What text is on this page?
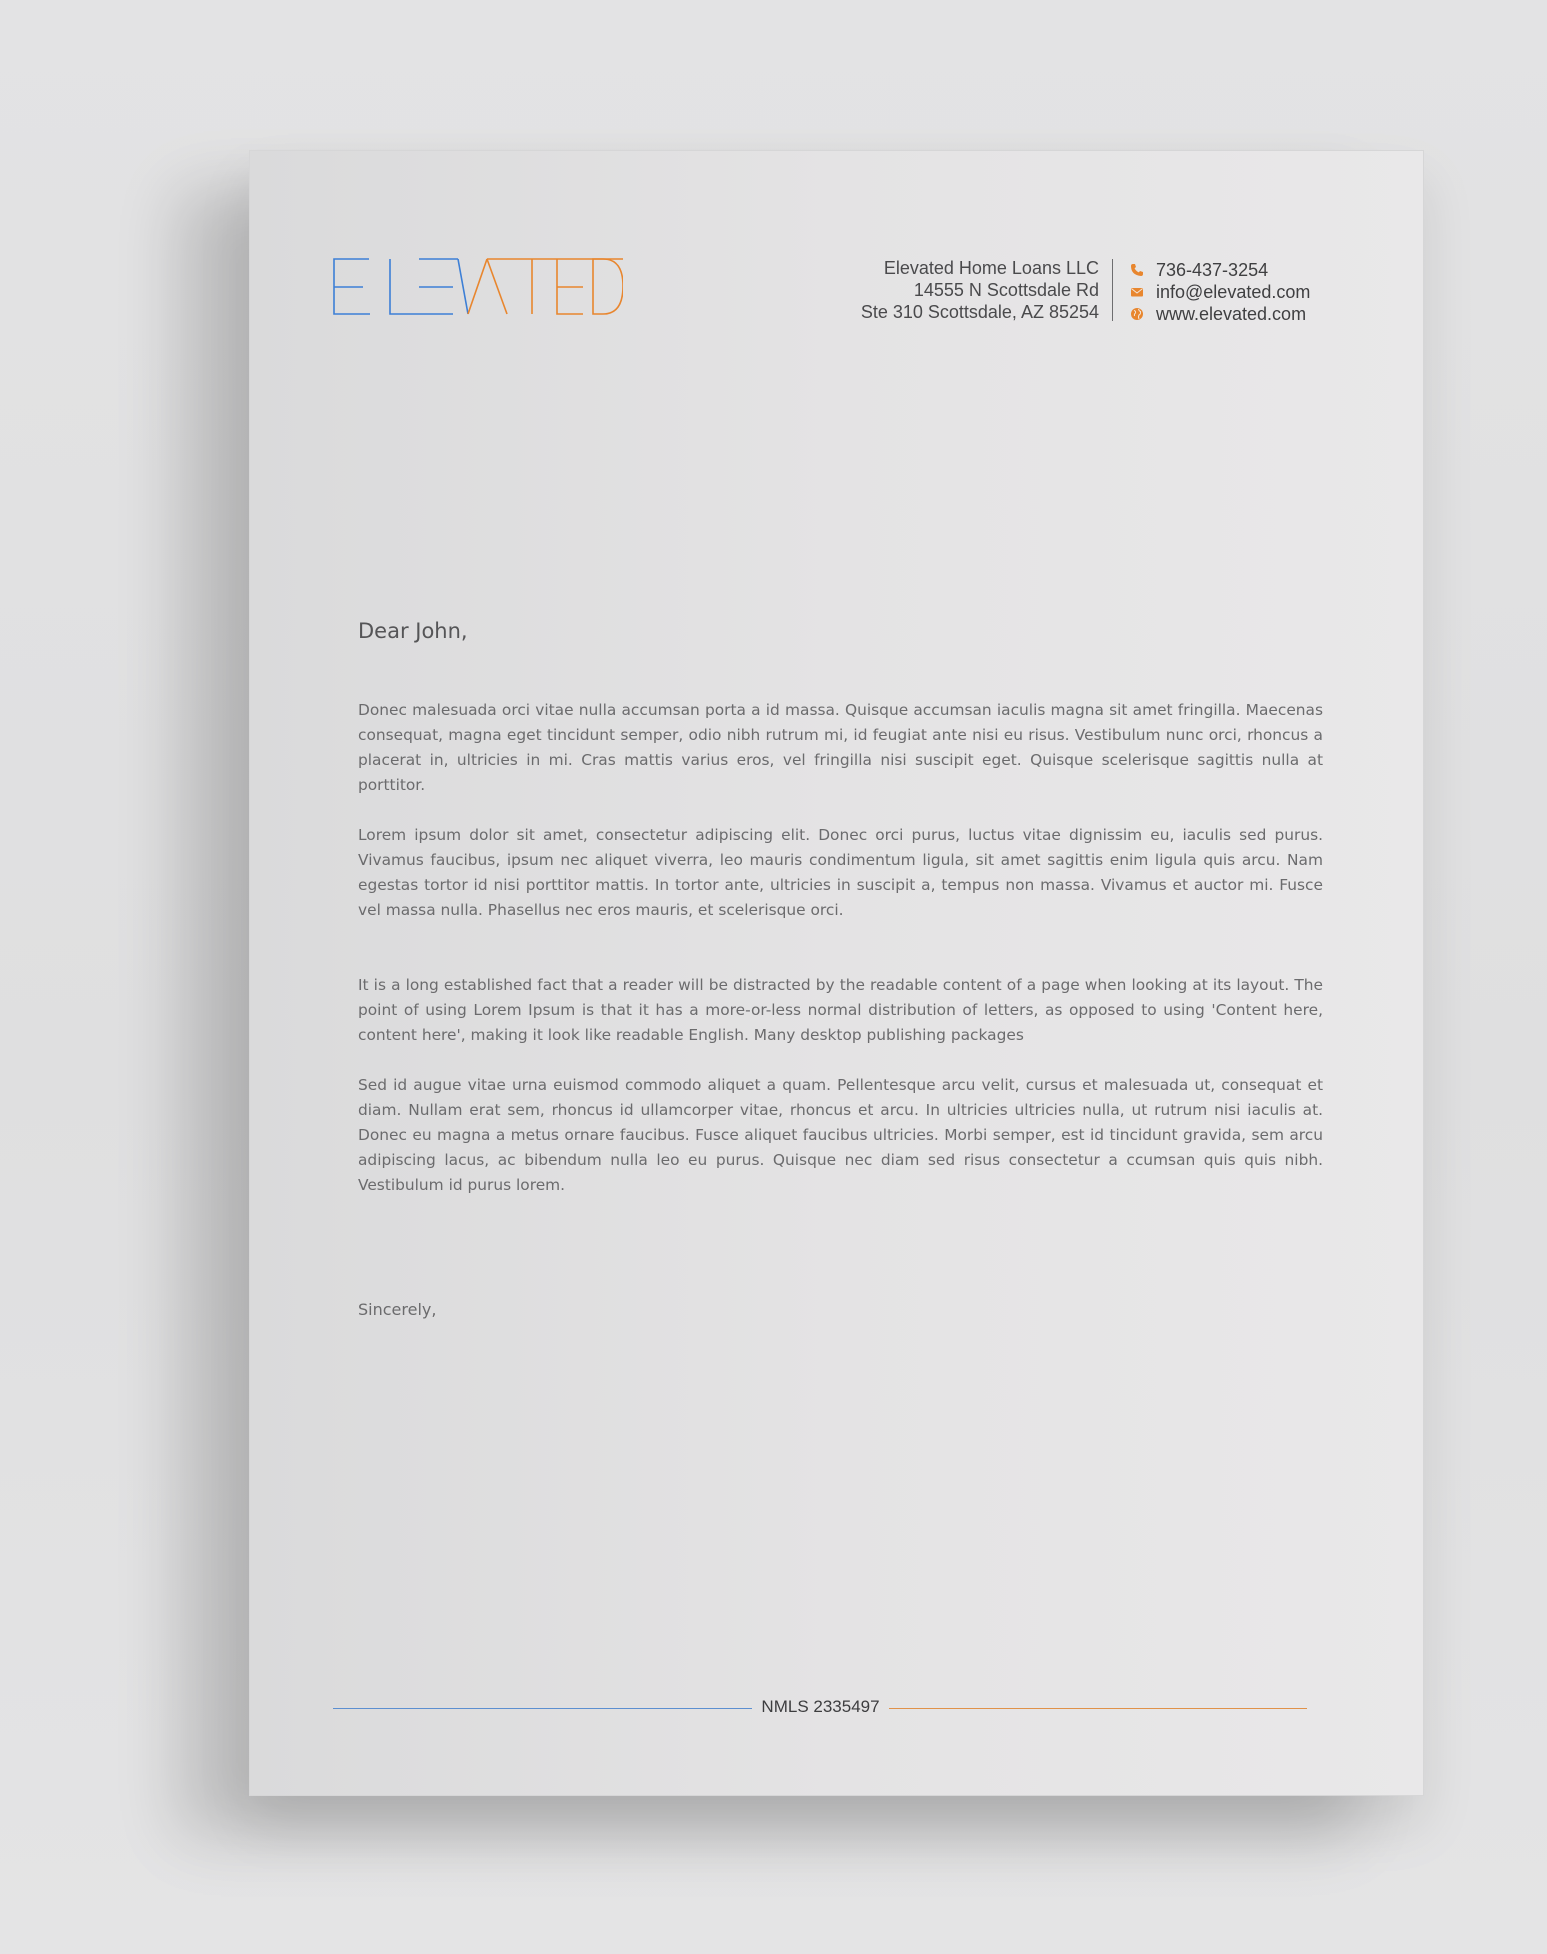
Elevated Home Loans LLC
14555 N Scottsdale Rd
Ste 310 Scottsdale, AZ 85254
736-437-3254
info@elevated.com
www.elevated.com
Dear John,

Donec malesuada orci vitae nulla accumsan porta a id massa. Quisque accumsan iaculis magna sit amet fringilla. Maecenas consequat, magna eget tincidunt semper, odio nibh rutrum mi, id feugiat ante nisi eu risus. Vestibulum nunc orci, rhoncus a placerat in, ultricies in mi. Cras mattis varius eros, vel fringilla nisi suscipit eget. Quisque scelerisque sagittis nulla at porttitor.

Lorem ipsum dolor sit amet, consectetur adipiscing elit. Donec orci purus, luctus vitae dignissim eu, iaculis sed purus. Vivamus faucibus, ipsum nec aliquet viverra, leo mauris condimentum ligula, sit amet sagittis enim ligula quis arcu. Nam egestas tortor id nisi porttitor mattis. In tortor ante, ultricies in suscipit a, tempus non massa. Vivamus et auctor mi. Fusce vel massa nulla. Phasellus nec eros mauris, et scelerisque orci.

It is a long established fact that a reader will be distracted by the readable content of a page when looking at its layout. The point of using Lorem Ipsum is that it has a more-or-less normal distribution of letters, as opposed to using 'Content here, content here', making it look like readable English. Many desktop publishing packages

Sed id augue vitae urna euismod commodo aliquet a quam. Pellentesque arcu velit, cursus et malesuada ut, consequat et diam. Nullam erat sem, rhoncus id ullamcorper vitae, rhoncus et arcu. In ultricies ultricies nulla, ut rutrum nisi iaculis at. Donec eu magna a metus ornare faucibus. Fusce aliquet faucibus ultricies. Morbi semper, est id tincidunt gravida, sem arcu adipiscing lacus, ac bibendum nulla leo eu purus. Quisque nec diam sed risus consectetur a ccumsan quis quis nibh. Vestibulum id purus lorem.

Sincerely,
NMLS 2335497
